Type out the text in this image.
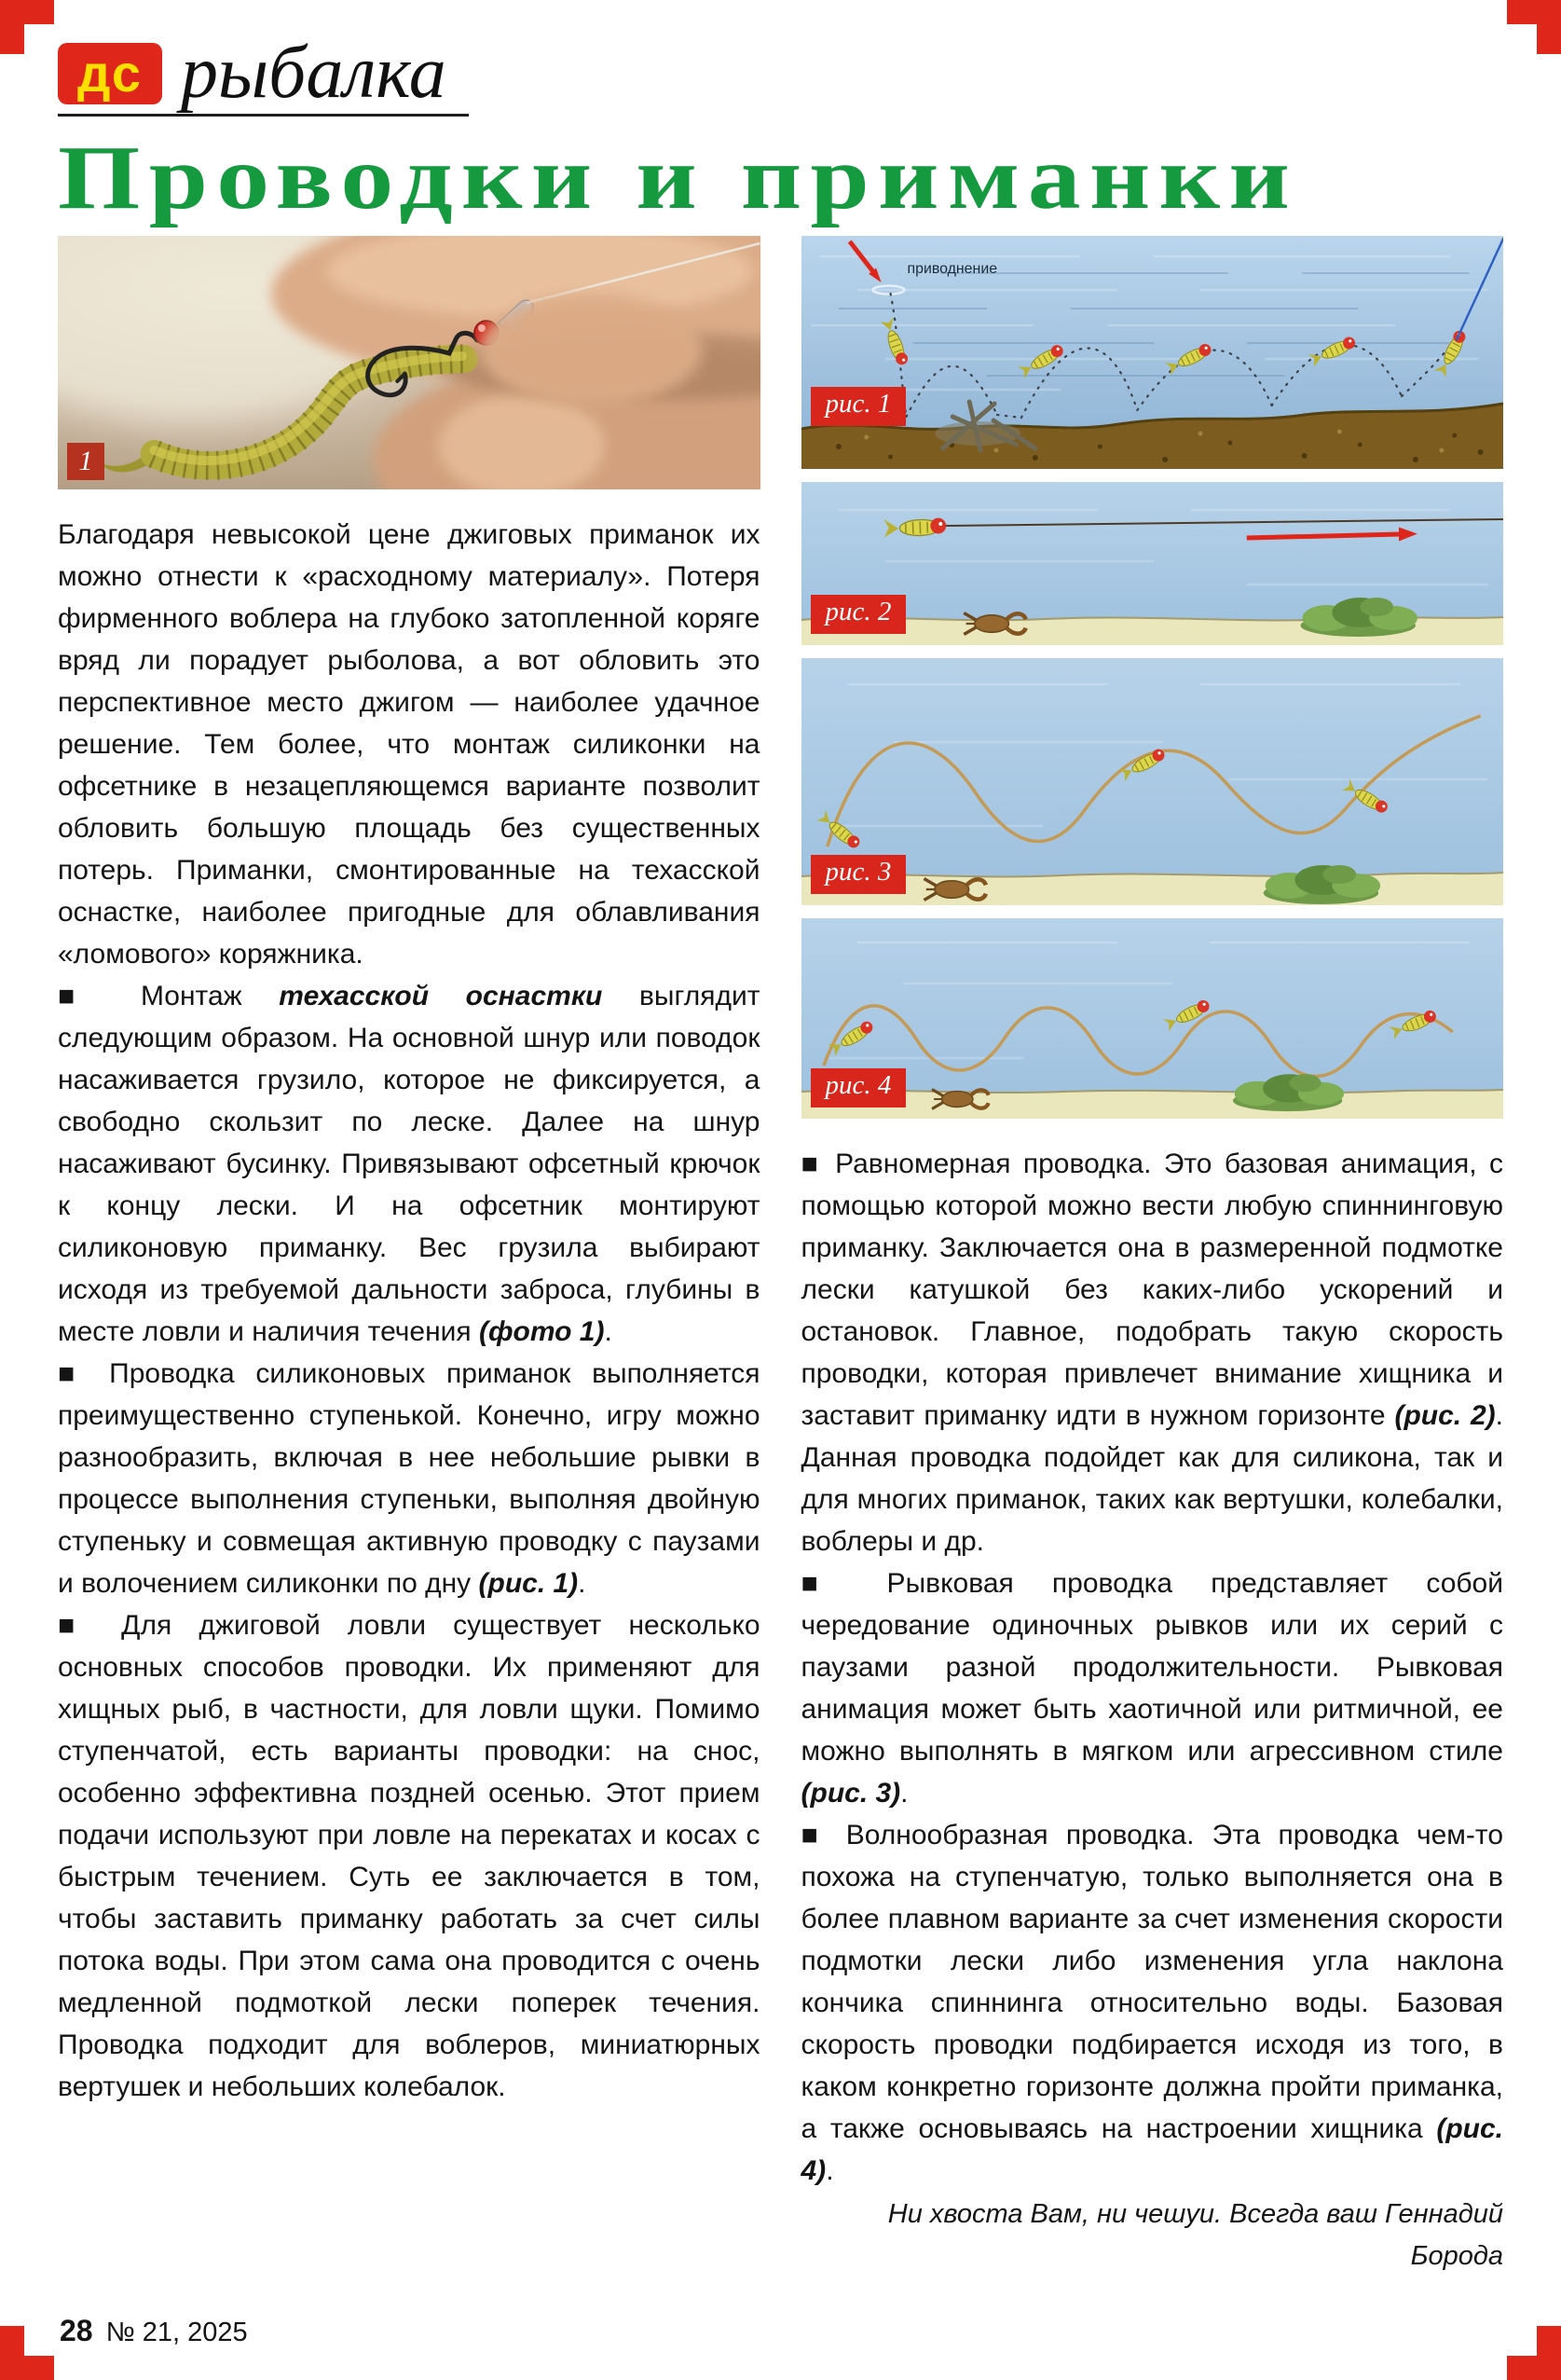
дс рыбалка
Проводки и приманки
1

Благодаря невысокой цене джиговых приманок их можно отнести к «расходному материалу». Потеря фирменного воблера на глубоко затопленной коряге вряд ли порадует рыболова, а вот обловить это перспективное место джигом — наиболее удачное решение. Тем более, что монтаж силиконки на офсетнике в незацепляющемся варианте позволит обловить большую площадь без существенных потерь. Приманки, смонтированные на техасской оснастке, наиболее пригодные для облавливания «ломового» коряжника.

■ Монтаж техасской оснастки выглядит следующим образом. На основной шнур или поводок насаживается грузило, которое не фиксируется, а свободно скользит по леске. Далее на шнур насаживают бусинку. Привязывают офсетный крючок к концу лески. И на офсетник монтируют силиконовую приманку. Вес грузила выбирают исходя из требуемой дальности заброса, глубины в месте ловли и наличия течения (фото 1).

■ Проводка силиконовых приманок выполняется преимущественно ступенькой. Конечно, игру можно разнообразить, включая в нее небольшие рывки в процессе выполнения ступеньки, выполняя двойную ступеньку и совмещая активную проводку с паузами и волочением силиконки по дну (рис. 1).

■ Для джиговой ловли существует несколько основных способов проводки. Их применяют для хищных рыб, в частности, для ловли щуки. Помимо ступенчатой, есть варианты проводки: на снос, особенно эффективна поздней осенью. Этот прием подачи используют при ловле на перекатах и косах с быстрым течением. Суть ее заключается в том, чтобы заставить приманку работать за счет силы потока воды. При этом сама она проводится с очень медленной подмоткой лески поперек течения. Проводка подходит для воблеров, миниатюрных вертушек и небольших колебалок.

приводнение
рис. 1
рис. 2
рис. 3
рис. 4

■ Равномерная проводка. Это базовая анимация, с помощью которой можно вести любую спиннинговую приманку. Заключается она в размеренной подмотке лески катушкой без каких-либо ускорений и остановок. Главное, подобрать такую скорость проводки, которая привлечет внимание хищника и заставит приманку идти в нужном горизонте (рис. 2). Данная проводка подойдет как для силикона, так и для многих приманок, таких как вертушки, колебалки, воблеры и др.

■ Рывковая проводка представляет собой чередование одиночных рывков или их серий с паузами разной продолжительности. Рывковая анимация может быть хаотичной или ритмичной, ее можно выполнять в мягком или агрессивном стиле (рис. 3).

■ Волнообразная проводка. Эта проводка чем-то похожа на ступенчатую, только выполняется она в более плавном варианте за счет изменения скорости подмотки лески либо изменения угла наклона кончика спиннинга относительно воды. Базовая скорость проводки подбирается исходя из того, в каком конкретно горизонте должна пройти приманка, а также основываясь на настроении хищника (рис. 4).

Ни хвоста Вам, ни чешуи. Всегда ваш Геннадий Борода
28 № 21, 2025
